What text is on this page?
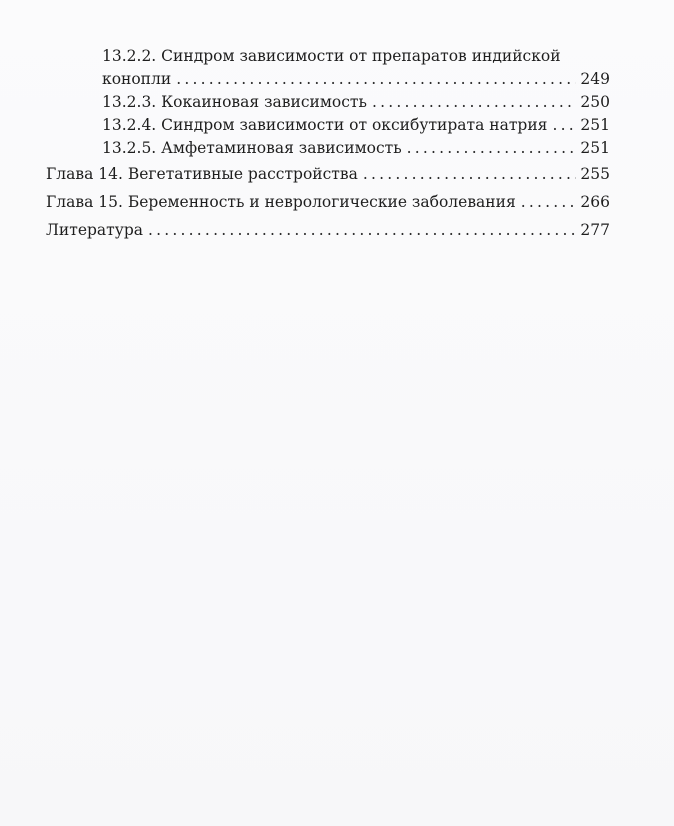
13.2.2. Синдром зависимости от препаратов индийской
конопли .....	249
13.2.3. Кокаиновая зависимость .....	250
13.2.4. Синдром зависимости от оксибутирата натрия ..... 251
13.2.5. Амфетаминовая зависимость .....	251
Глава 14. Вегетативные расстройства .....	255
Глава 15. Беременность и неврологические заболевания .....	266
Литература .....	277
